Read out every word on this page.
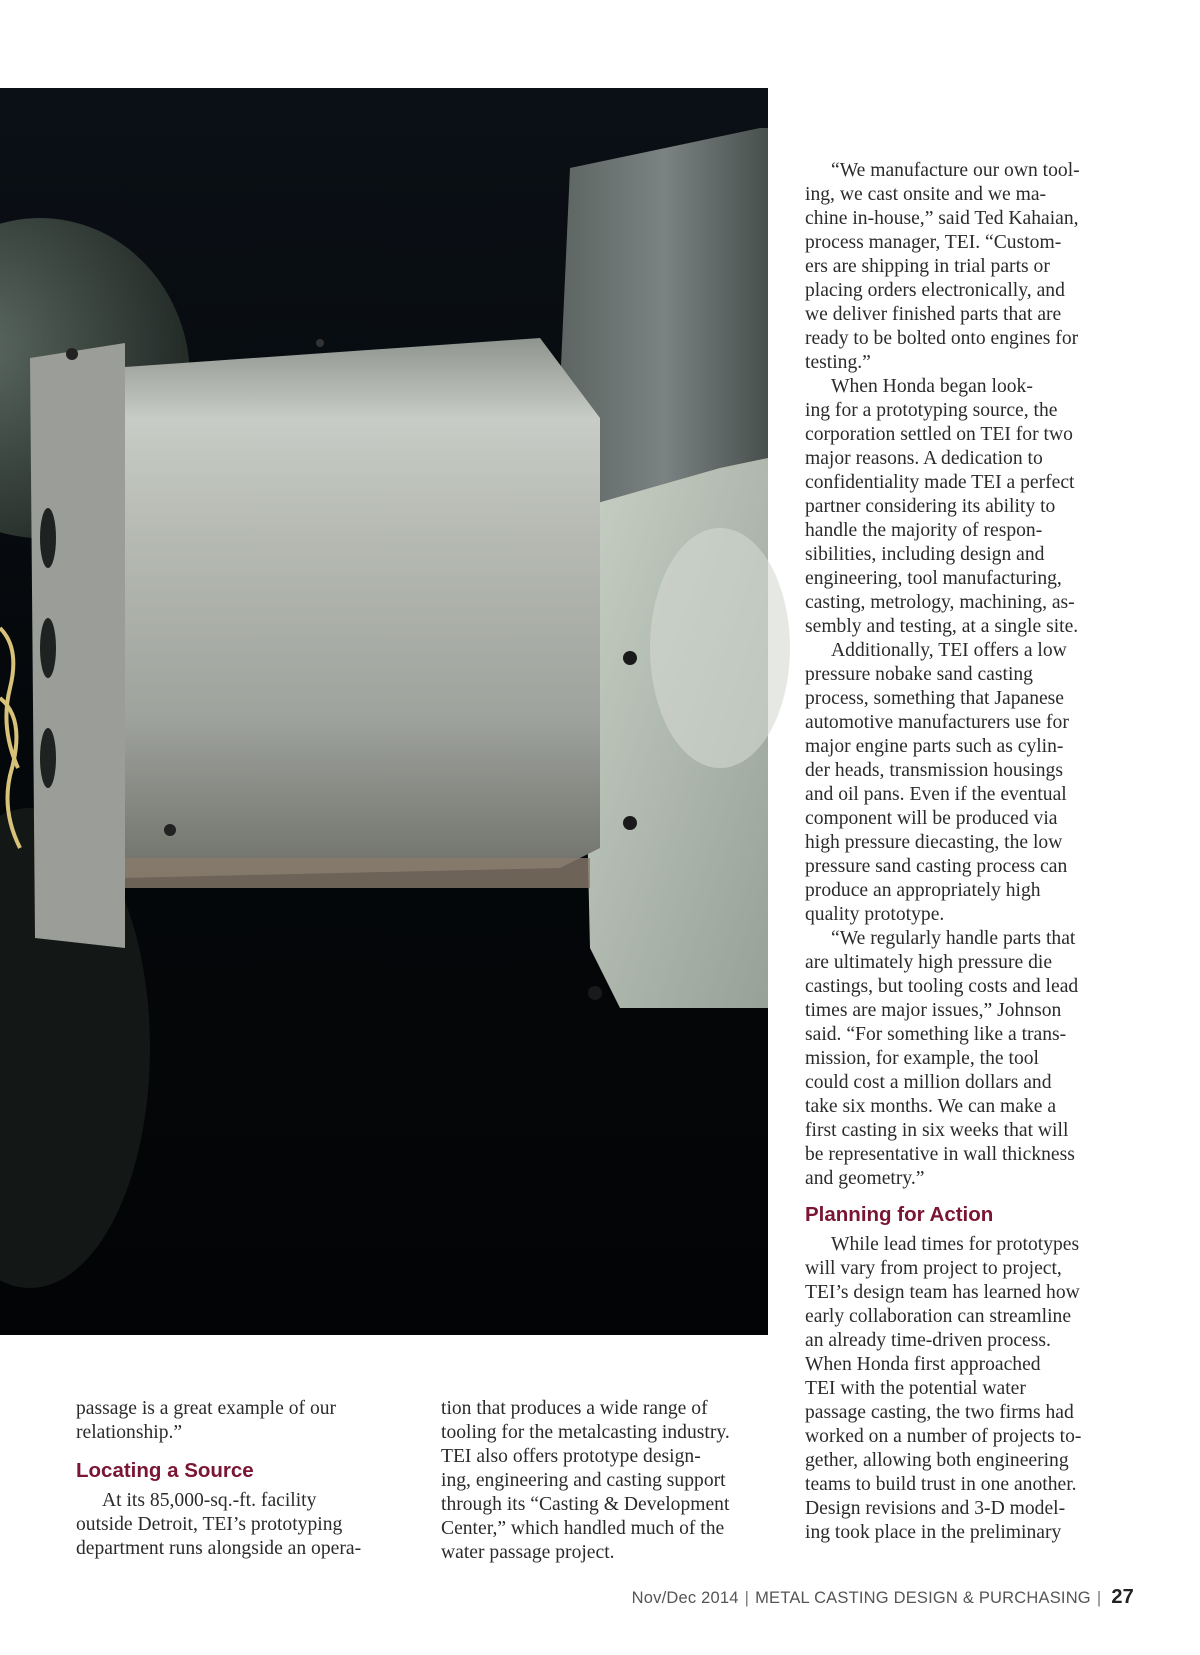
After casting, the water passage was machined and leak checked in-house.

“We manufacture our own tool-
ing, we cast onsite and we ma-
chine in-house,” said Ted Kahaian,
process manager, TEI. “Custom-
ers are shipping in trial parts or
placing orders electronically, and
we deliver finished parts that are
ready to be bolted onto engines for
testing.”

When Honda began look-
ing for a prototyping source, the
corporation settled on TEI for two
major reasons. A dedication to
confidentiality made TEI a perfect
partner considering its ability to
handle the majority of respon-
sibilities, including design and
engineering, tool manufacturing,
casting, metrology, machining, as-
sembly and testing, at a single site.

Additionally, TEI offers a low
pressure nobake sand casting
process, something that Japanese
automotive manufacturers use for
major engine parts such as cylin-
der heads, transmission housings
and oil pans. Even if the eventual
component will be produced via
high pressure diecasting, the low
pressure sand casting process can
produce an appropriately high
quality prototype.

“We regularly handle parts that
are ultimately high pressure die
castings, but tooling costs and lead
times are major issues,” Johnson
said. “For something like a trans-
mission, for example, the tool
could cost a million dollars and
take six months. We can make a
first casting in six weeks that will
be representative in wall thickness
and geometry.”

Planning for Action

While lead times for prototypes
will vary from project to project,
TEI’s design team has learned how
early collaboration can streamline
an already time-driven process.
When Honda first approached
TEI with the potential water
passage casting, the two firms had
worked on a number of projects to-
gether, allowing both engineering
teams to build trust in one another.
Design revisions and 3-D model-
ing took place in the preliminary

passage is a great example of our
relationship.”
Locating a Source

At its 85,000-sq.-ft. facility
outside Detroit, TEI’s prototyping
department runs alongside an opera-

tion that produces a wide range of
tooling for the metalcasting industry.
TEI also offers prototype design-
ing, engineering and casting support
through its “Casting & Development
Center,” which handled much of the
water passage project.
Nov/Dec 2014 | METAL CASTING DESIGN & PURCHASING | 27
